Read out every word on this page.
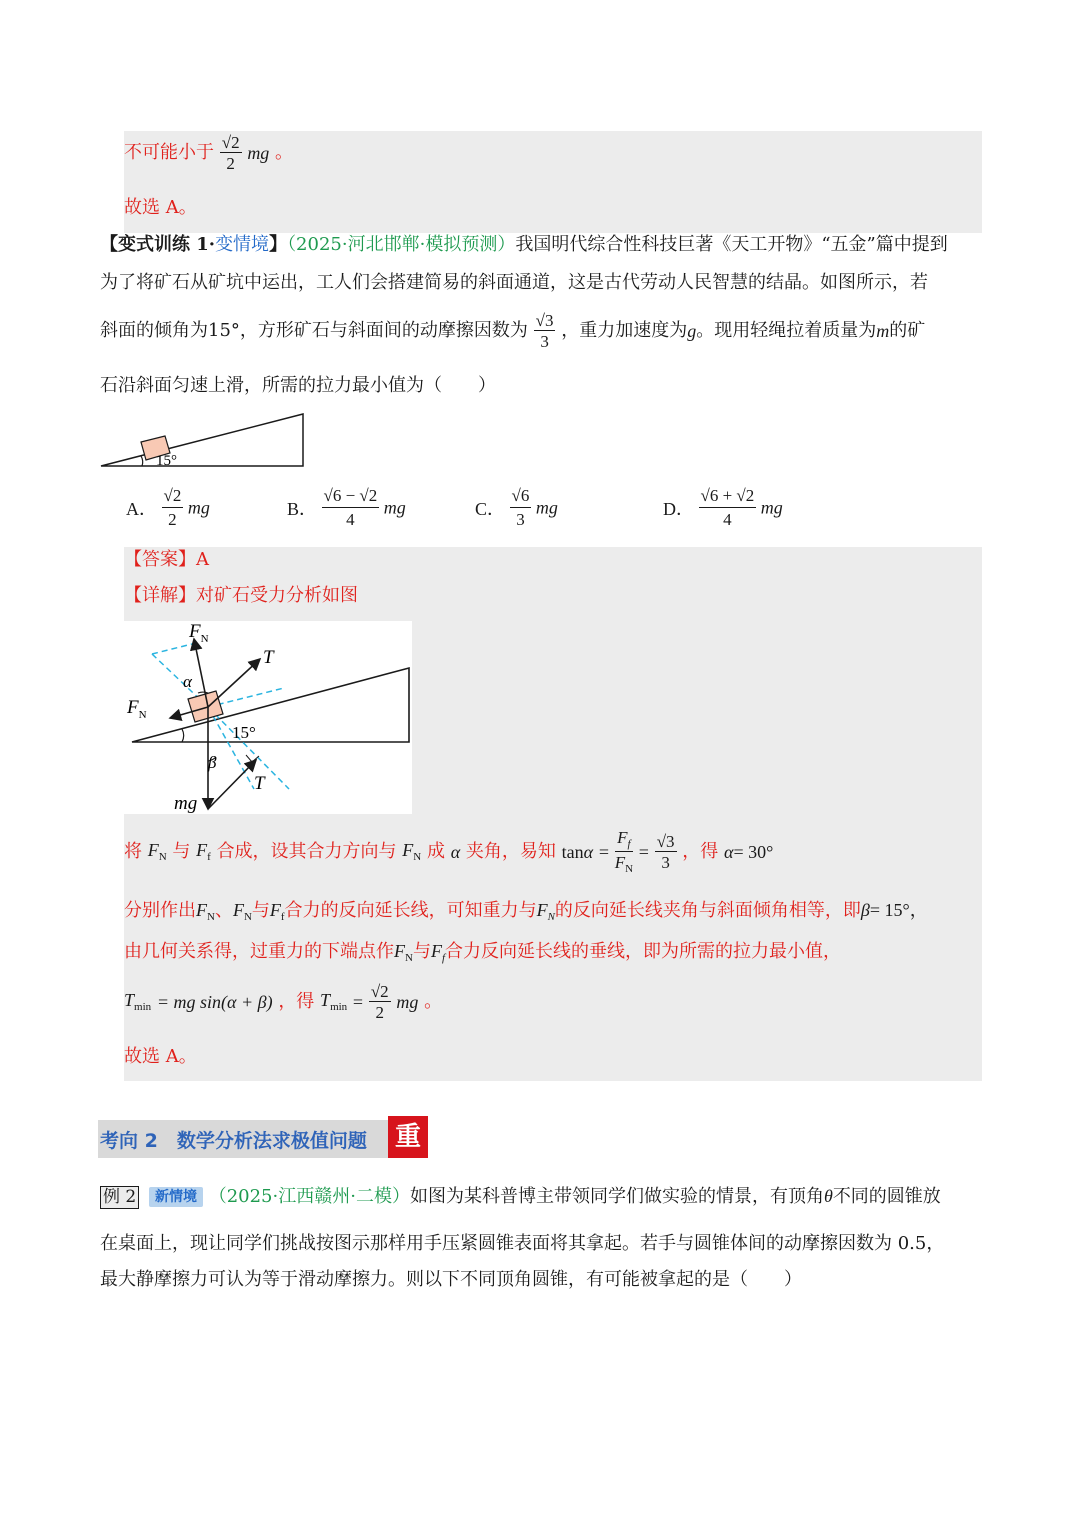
不可能小于 $\frac{√2}{2}$ mg 。
故选 A。
【变式训练 1·变情境】（2025·河北邯郸·模拟预测）我国明代综合性科技巨著《天工开物》“五金”篇中提到
为了将矿石从矿坑中运出，工人们会搭建简易的斜面通道，这是古代劳动人民智慧的结晶。如图所示，若
斜面的倾角为15°，方形矿石与斜面间的动摩擦因数为 $\frac{√3}{3}$ ，重力加速度为g。现用轻绳拉着质量为m的矿
石沿斜面匀速上滑，所需的拉力最小值为（　　）
15°
A． $\frac{√2}{2}$ mg	B． $\frac{√6 - √2}{4}$ mg	C． $\frac{√6}{3}$ mg	D． $\frac{√6 + √2}{4}$ mg
【答案】A
【详解】对矿石受力分析如图
$F_N$
T
α
$F_N$
15°
β
T
mg
将 $F_N$ 与 $F_f$ 合成，设其合力方向与 $F_N$ 成 α 夹角，易知 $\tan\alpha = \frac{F_f}{F_N} = \frac{√3}{3}$ ，得 α= 30°
分别作出$F_N$、$F_N$与$F_f$合力的反向延长线，可知重力与$F_N$的反向延长线夹角与斜面倾角相等，即β= 15°，
由几何关系得，过重力的下端点作$F_N$与$F_f$合力反向延长线的垂线，即为所需的拉力最小值，
$T_{min}$ = mg sin(α + β) ，得 $T_{min} = \frac{√2}{2}$ mg 。
故选 A。
考向 2　数学分析法求极值问题 重
例 2 新情境 （2025·江西赣州·二模）如图为某科普博主带领同学们做实验的情景，有顶角θ不同的圆锥放
在桌面上，现让同学们挑战按图示那样用手压紧圆锥表面将其拿起。若手与圆锥体间的动摩擦因数为 0.5，
最大静摩擦力可认为等于滑动摩擦力。则以下不同顶角圆锥，有可能被拿起的是（　　）
